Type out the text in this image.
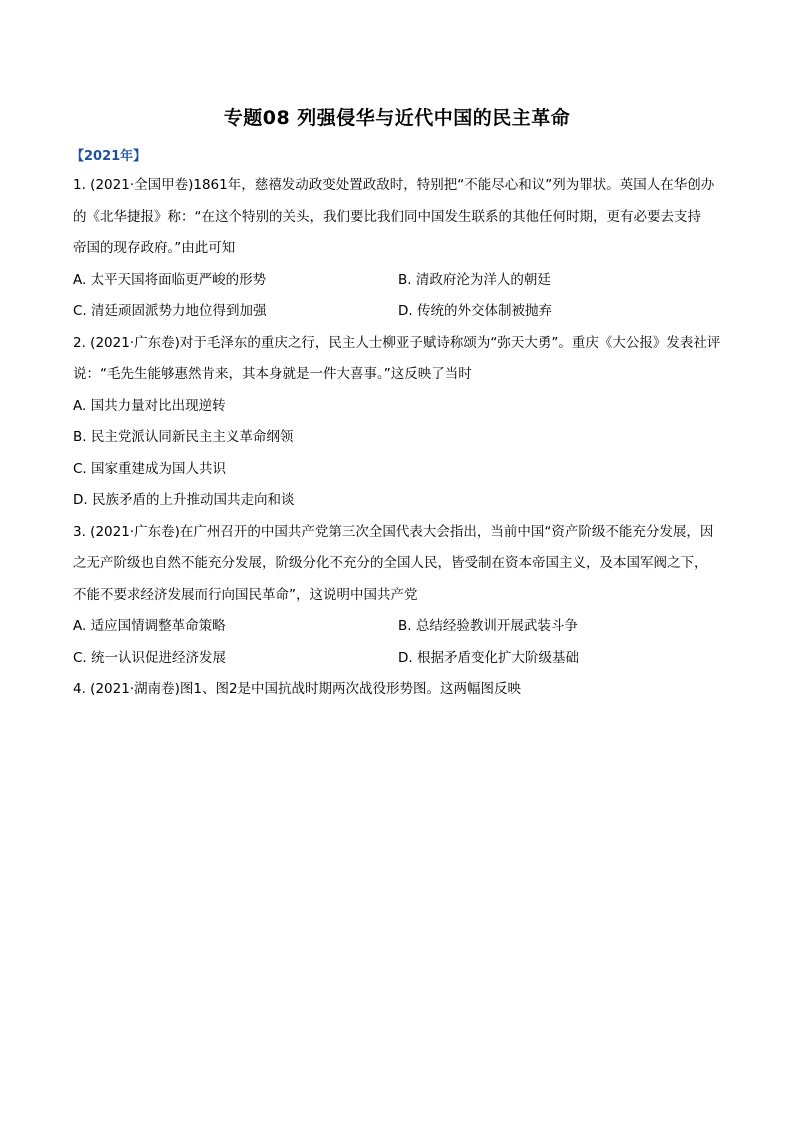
专题08 列强侵华与近代中国的民主革命
【2021年】
1. (2021·全国甲卷)1861年，慈禧发动政变处置政敌时，特别把“不能尽心和议”列为罪状。英国人在华创办
的《北华捷报》称：“在这个特别的关头，我们要比我们同中国发生联系的其他任何时期，更有必要去支持
帝国的现存政府。”由此可知
A. 太平天国将面临更严峻的形势	B. 清政府沦为洋人的朝廷
C. 清廷顽固派势力地位得到加强	D. 传统的外交体制被抛弃
2. (2021·广东卷)对于毛泽东的重庆之行，民主人士柳亚子赋诗称颂为“弥天大勇”。重庆《大公报》发表社评
说：“毛先生能够惠然肯来，其本身就是一件大喜事。”这反映了当时
A. 国共力量对比出现逆转
B. 民主党派认同新民主主义革命纲领
C. 国家重建成为国人共识
D. 民族矛盾的上升推动国共走向和谈
3. (2021·广东卷)在广州召开的中国共产党第三次全国代表大会指出，当前中国“资产阶级不能充分发展，因
之无产阶级也自然不能充分发展，阶级分化不充分的全国人民，皆受制在资本帝国主义，及本国军阀之下，
不能不要求经济发展而行向国民革命”，这说明中国共产党
A. 适应国情调整革命策略	B. 总结经验教训开展武装斗争
C. 统一认识促进经济发展	D. 根据矛盾变化扩大阶级基础
4. (2021·湖南卷)图1、图2是中国抗战时期两次战役形势图。这两幅图反映
